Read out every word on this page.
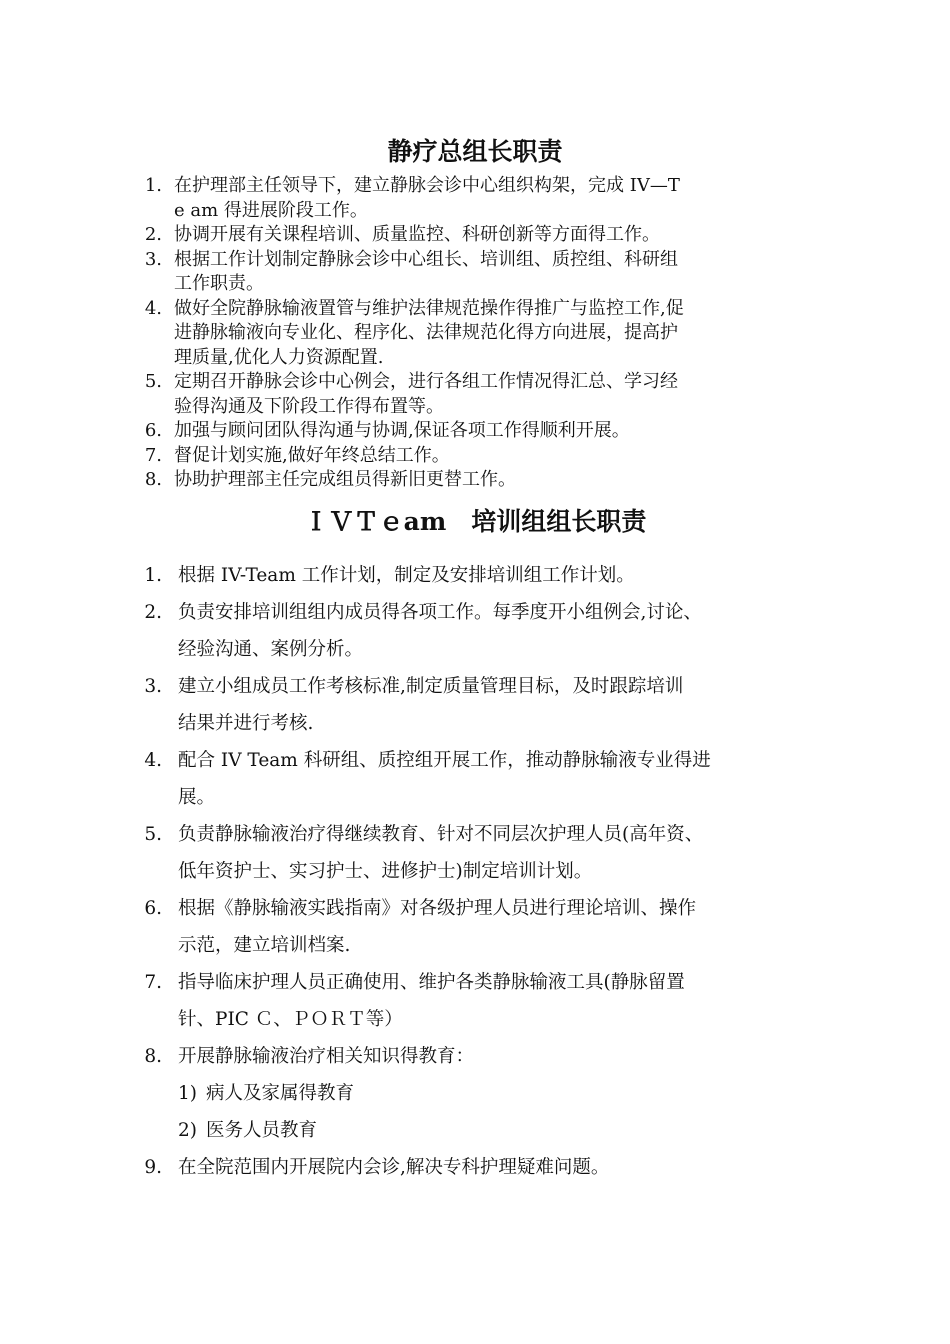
静疗总组长职责
1. 在护理部主任领导下，建立静脉会诊中心组织构架，完成 IV—T
e am 得进展阶段工作。
2. 协调开展有关课程培训、质量监控、科研创新等方面得工作。
3. 根据工作计划制定静脉会诊中心组长、培训组、质控组、科研组
工作职责。
4. 做好全院静脉输液置管与维护法律规范操作得推广与监控工作,促
进静脉输液向专业化、程序化、法律规范化得方向进展，提高护
理质量,优化人力资源配置.
5. 定期召开静脉会诊中心例会，进行各组工作情况得汇总、学习经
验得沟通及下阶段工作得布置等。
6. 加强与顾问团队得沟通与协调,保证各项工作得顺利开展。
7. 督促计划实施,做好年终总结工作。
8. 协助护理部主任完成组员得新旧更替工作。
ＩＶＴｅam　培训组组长职责
1. 根据 IV-Team 工作计划，制定及安排培训组工作计划。
2. 负责安排培训组组内成员得各项工作。每季度开小组例会,讨论、
经验沟通、案例分析。
3. 建立小组成员工作考核标准,制定质量管理目标，及时跟踪培训
结果并进行考核.
4. 配合 IV Team 科研组、质控组开展工作，推动静脉输液专业得进
展。
5. 负责静脉输液治疗得继续教育、针对不同层次护理人员(高年资、
低年资护士、实习护士、进修护士)制定培训计划。
6. 根据《静脉输液实践指南》对各级护理人员进行理论培训、操作
示范，建立培训档案.
7. 指导临床护理人员正确使用、维护各类静脉输液工具(静脉留置
针、PIC Ｃ、ＰＯＲＴ等）
8. 开展静脉输液治疗相关知识得教育：
1) 病人及家属得教育
2) 医务人员教育
9. 在全院范围内开展院内会诊,解决专科护理疑难问题。
